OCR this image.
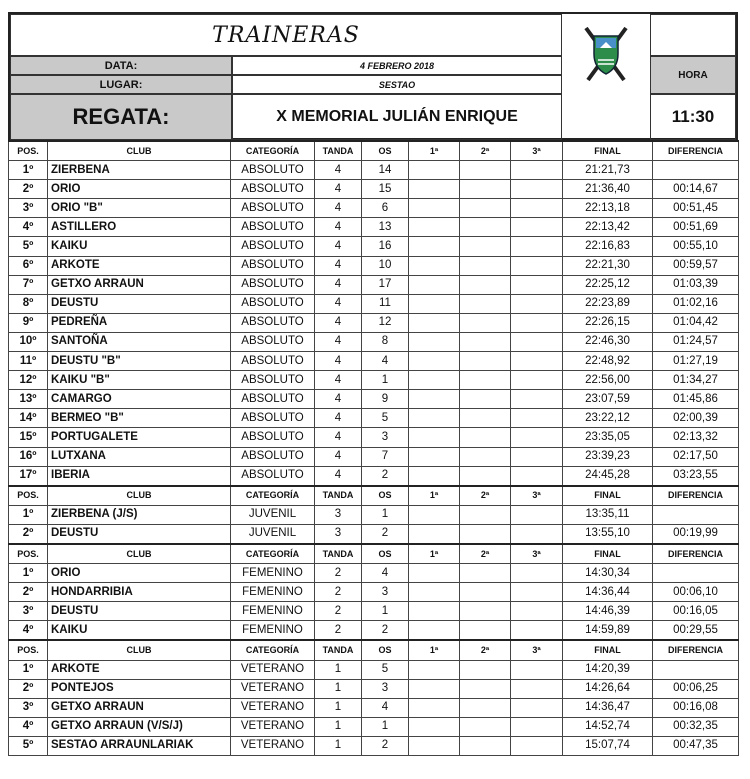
TRAINERAS
DATA:	4 FEBRERO 2018
LUGAR:	SESTAO
REGATA:	X MEMORIAL JULIÁN ENRIQUE
HORA
11:30
POS.	CLUB	CATEGORÍA	TANDA	OS	1ª	2ª	3ª	FINAL	DIFERENCIA
1º	ZIERBENA	ABSOLUTO	4	14				21:21,73	
2º	ORIO	ABSOLUTO	4	15				21:36,40	00:14,67
3º	ORIO "B"	ABSOLUTO	4	6				22:13,18	00:51,45
4º	ASTILLERO	ABSOLUTO	4	13				22:13,42	00:51,69
5º	KAIKU	ABSOLUTO	4	16				22:16,83	00:55,10
6º	ARKOTE	ABSOLUTO	4	10				22:21,30	00:59,57
7º	GETXO ARRAUN	ABSOLUTO	4	17				22:25,12	01:03,39
8º	DEUSTU	ABSOLUTO	4	11				22:23,89	01:02,16
9º	PEDREÑA	ABSOLUTO	4	12				22:26,15	01:04,42
10º	SANTOÑA	ABSOLUTO	4	8				22:46,30	01:24,57
11º	DEUSTU "B"	ABSOLUTO	4	4				22:48,92	01:27,19
12º	KAIKU "B"	ABSOLUTO	4	1				22:56,00	01:34,27
13º	CAMARGO	ABSOLUTO	4	9				23:07,59	01:45,86
14º	BERMEO "B"	ABSOLUTO	4	5				23:22,12	02:00,39
15º	PORTUGALETE	ABSOLUTO	4	3				23:35,05	02:13,32
16º	LUTXANA	ABSOLUTO	4	7				23:39,23	02:17,50
17º	IBERIA	ABSOLUTO	4	2				24:45,28	03:23,55
POS.	CLUB	CATEGORÍA	TANDA	OS	1ª	2ª	3ª	FINAL	DIFERENCIA
1º	ZIERBENA (J/S)	JUVENIL	3	1				13:35,11	
2º	DEUSTU	JUVENIL	3	2				13:55,10	00:19,99
POS.	CLUB	CATEGORÍA	TANDA	OS	1ª	2ª	3ª	FINAL	DIFERENCIA
1º	ORIO	FEMENINO	2	4				14:30,34	
2º	HONDARRIBIA	FEMENINO	2	3				14:36,44	00:06,10
3º	DEUSTU	FEMENINO	2	1				14:46,39	00:16,05
4º	KAIKU	FEMENINO	2	2				14:59,89	00:29,55
POS.	CLUB	CATEGORÍA	TANDA	OS	1ª	2ª	3ª	FINAL	DIFERENCIA
1º	ARKOTE	VETERANO	1	5				14:20,39	
2º	PONTEJOS	VETERANO	1	3				14:26,64	00:06,25
3º	GETXO ARRAUN	VETERANO	1	4				14:36,47	00:16,08
4º	GETXO ARRAUN (V/S/J)	VETERANO	1	1				14:52,74	00:32,35
5º	SESTAO ARRAUNLARIAK	VETERANO	1	2				15:07,74	00:47,35
